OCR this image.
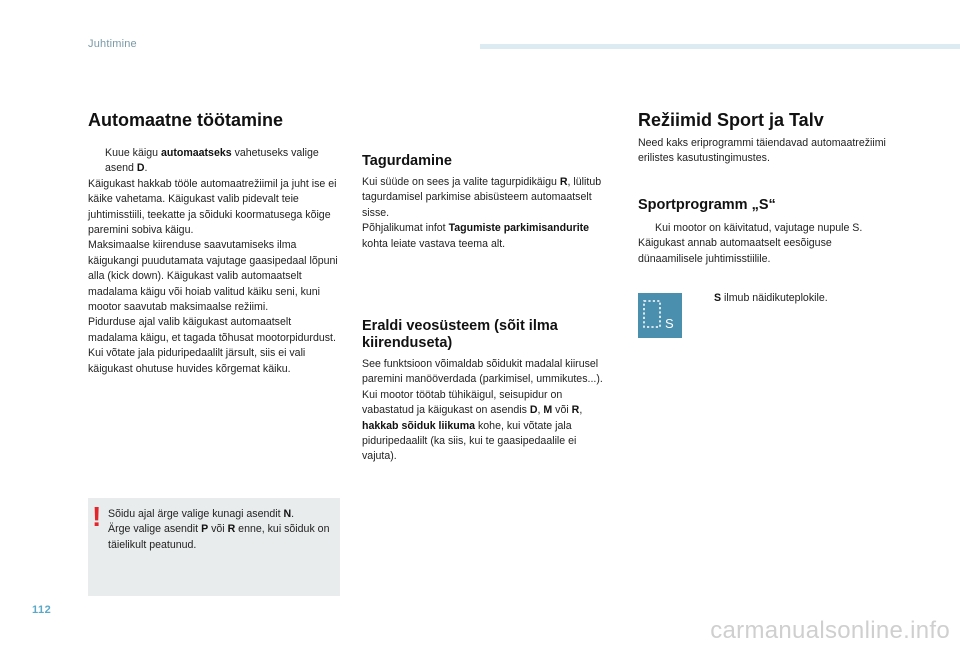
Juhtimine
Automaatne töötamine
Kuue käigu automaatseks vahetuseks valige asend D.
Käigukast hakkab tööle automaatrežiimil ja juht ise ei käike vahetama. Käigukast valib pidevalt teie juhtimisstiili, teekatte ja sõiduki koormatusega kõige paremini sobiva käigu.
Maksimaalse kiirenduse saavutamiseks ilma käigukangi puudutamata vajutage gaasipedaal lõpuni alla (kick down). Käigukast valib automaatselt madalama käigu või hoiab valitud käiku seni, kuni mootor saavutab maksimaalse režiimi.
Pidurduse ajal valib käigukast automaatselt madalama käigu, et tagada tõhusat mootorpidurdust.
Kui võtate jala piduripedaalilt järsult, siis ei vali käigukast ohutuse huvides kõrgemat käiku.
! Sõidu ajal ärge valige kunagi asendit N.
Ärge valige asendit P või R enne, kui sõiduk on täielikult peatunud.
Tagurdamine
Kui süüde on sees ja valite tagurpidikäigu R, lülitub tagurdamisel parkimise abisüsteem automaatselt sisse.
Põhjalikumat infot Tagumiste parkimisandurite kohta leiate vastava teema alt.
Eraldi veosüsteem (sõit ilma kiirenduseta)
See funktsioon võimaldab sõidukit madalal kiirusel paremini manööverdada (parkimisel, ummikutes...).
Kui mootor töötab tühikäigul, seisupidur on vabastatud ja käigukast on asendis D, M või R, hakkab sõiduk liikuma kohe, kui võtate jala piduripedaalilt (ka siis, kui te gaasipedaalile ei vajuta).
Režiimid Sport ja Talv
Need kaks eriprogrammi täiendavad automaatrežiimi erilistes kasutustingimustes.
Sportprogramm „S“
Kui mootor on käivitatud, vajutage nupule S.
Käigukast annab automaatselt eesõiguse dünaamilisele juhtimisstiilile.
S
S ilmub näidikuteplokile.
112
carmanualsonline.info
